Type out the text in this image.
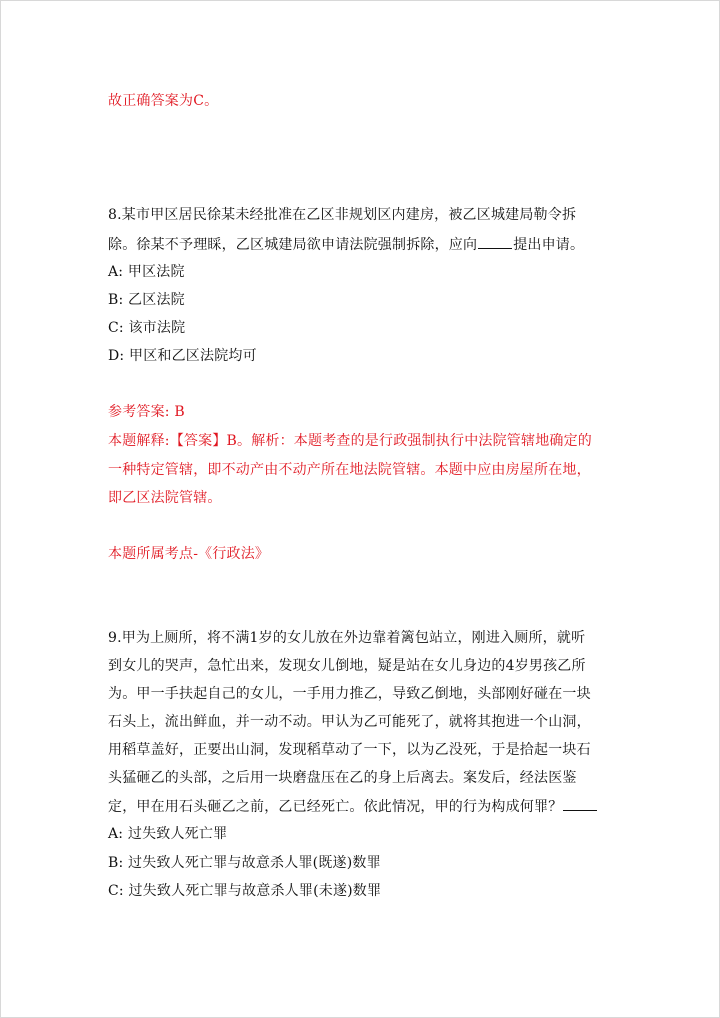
故正确答案为C。
8.某市甲区居民徐某未经批准在乙区非规划区内建房，被乙区城建局勒令拆
除。徐某不予理睬，乙区城建局欲申请法院强制拆除，应向	提出申请。
A: 甲区法院
B: 乙区法院
C: 该市法院
D: 甲区和乙区法院均可
参考答案: B
本题解释:【答案】B。解析：本题考查的是行政强制执行中法院管辖地确定的
一种特定管辖，即不动产由不动产所在地法院管辖。本题中应由房屋所在地，
即乙区法院管辖。
本题所属考点-《行政法》
9.甲为上厕所，将不满1岁的女儿放在外边靠着篱包站立，刚进入厕所，就听
到女儿的哭声，急忙出来，发现女儿倒地，疑是站在女儿身边的4岁男孩乙所
为。甲一手扶起自己的女儿，一手用力推乙，导致乙倒地，头部刚好碰在一块
石头上，流出鲜血，并一动不动。甲认为乙可能死了，就将其抱进一个山洞，
用稻草盖好，正要出山洞，发现稻草动了一下，以为乙没死，于是拾起一块石
头猛砸乙的头部，之后用一块磨盘压在乙的身上后离去。案发后，经法医鉴
定，甲在用石头砸乙之前，乙已经死亡。依此情况，甲的行为构成何罪？
A: 过失致人死亡罪
B: 过失致人死亡罪与故意杀人罪(既遂)数罪
C: 过失致人死亡罪与故意杀人罪(未遂)数罪
